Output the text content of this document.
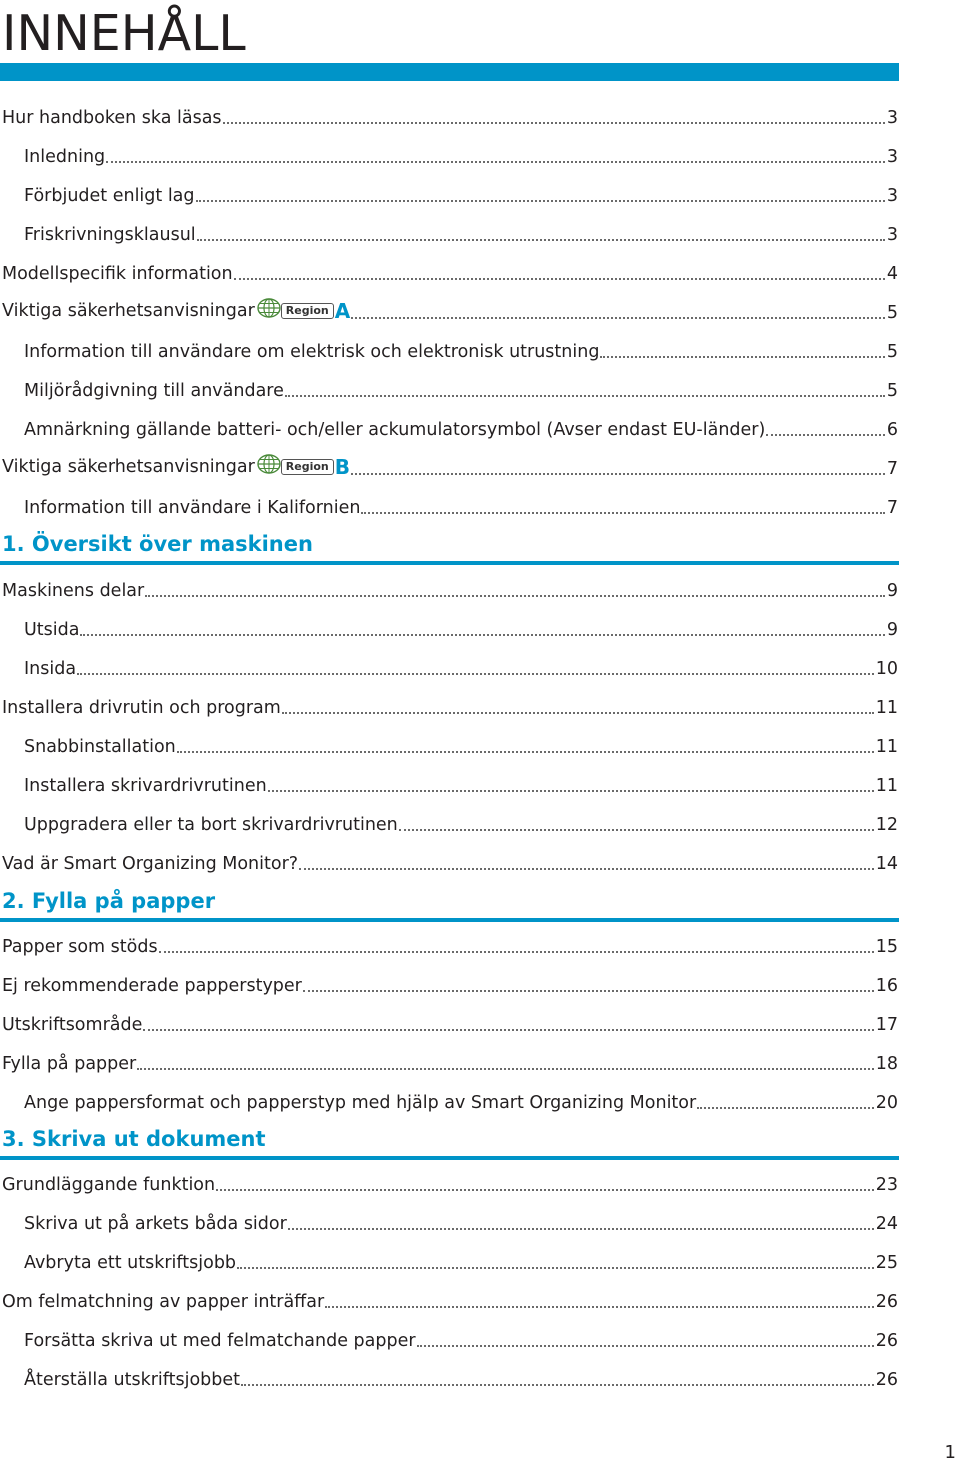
INNEHÅLL
Hur handboken ska läsas	3
Inledning	3
Förbjudet enligt lag	3
Friskrivningsklausul	3
Modellspecifik information	4
Viktiga säkerhetsanvisningar	Region A	5
Information till användare om elektrisk och elektronisk utrustning	5
Miljörådgivning till användare	5
Amnärkning gällande batteri- och/eller ackumulatorsymbol (Avser endast EU-länder)	6
Viktiga säkerhetsanvisningar	Region B	7
Information till användare i Kalifornien	7
1. Översikt över maskinen
Maskinens delar	9
Utsida	9
Insida	10
Installera drivrutin och program	11
Snabbinstallation	11
Installera skrivardrivrutinen	11
Uppgradera eller ta bort skrivardrivrutinen	12
Vad är Smart Organizing Monitor?	14
2. Fylla på papper
Papper som stöds	15
Ej rekommenderade papperstyper	16
Utskriftsområde	17
Fylla på papper	18
Ange pappersformat och papperstyp med hjälp av Smart Organizing Monitor	20
3. Skriva ut dokument
Grundläggande funktion	23
Skriva ut på arkets båda sidor	24
Avbryta ett utskriftsjobb	25
Om felmatchning av papper inträffar	26
Forsätta skriva ut med felmatchande papper	26
Återställa utskriftsjobbet	26
1
